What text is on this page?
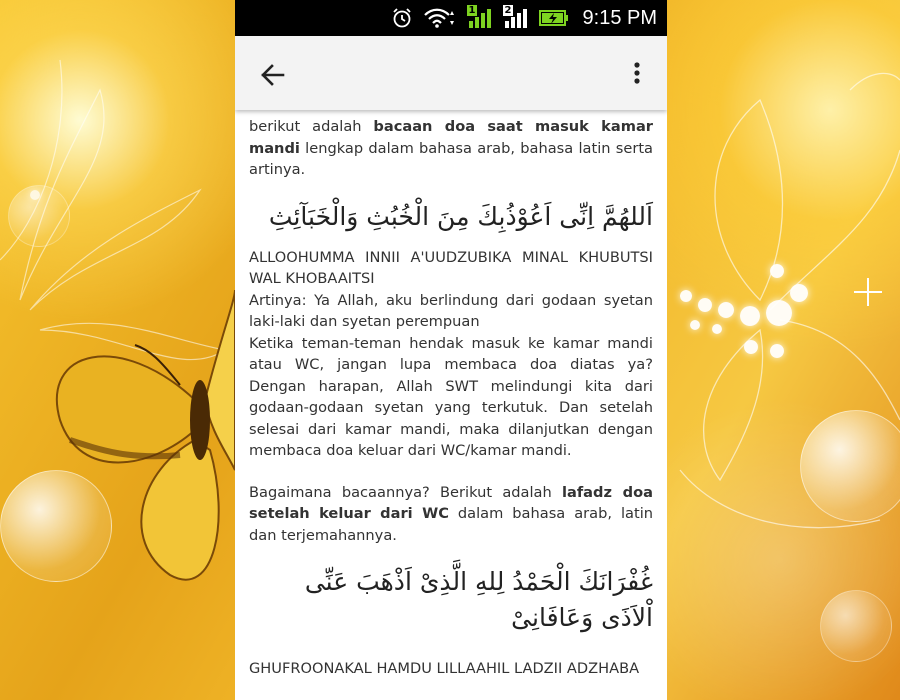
1	2	9:15 PM

berikut adalah bacaan doa saat masuk kamar mandi lengkap dalam bahasa arab, bahasa latin serta artinya.

اَللهُمَّ اِنِّى اَعُوْذُبِكَ مِنَ الْخُبُثِ وَالْخَبَآئِثِ

ALLOOHUMMA INNII A'UUDZUBIKA MINAL KHUBUTSI WAL KHOBAAITSI

Artinya: Ya Allah, aku berlindung dari godaan syetan laki-laki dan syetan perempuan

Ketika teman-teman hendak masuk ke kamar mandi atau WC, jangan lupa membaca doa diatas ya? Dengan harapan, Allah SWT melindungi kita dari godaan-godaan syetan yang terkutuk. Dan setelah selesai dari kamar mandi, maka dilanjutkan dengan membaca doa keluar dari WC/kamar mandi.

Bagaimana bacaannya? Berikut adalah lafadz doa setelah keluar dari WC dalam bahasa arab, latin dan terjemahannya.

غُفْرَانَكَ الْحَمْدُ لِلهِ الَّذِىْ اَذْهَبَ عَنِّى اْلاَذَى وَعَافَانِىْ

GHUFROONAKAL HAMDU LILLAAHIL LADZII ADZHABA
